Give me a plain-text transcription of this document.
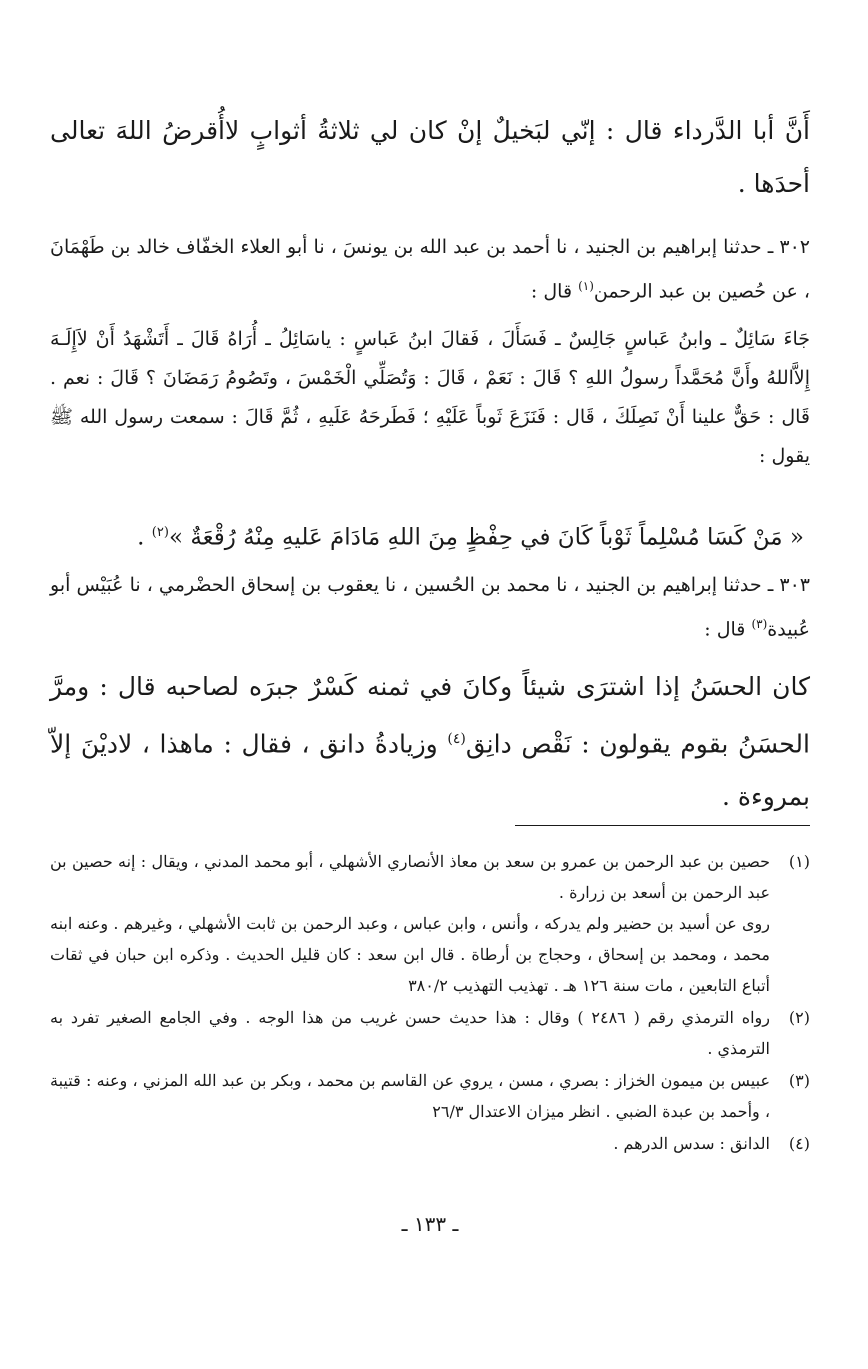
أَنَّ أبا الدَّرداء قال : إنّي لبَخيلٌ إنْ كان لي ثلاثةُ أثوابٍ لاأُقرضُ اللهَ تعالى أحدَها .

٣٠٢ ـ حدثنا إبراهيم بن الجنيد ، نا أحمد بن عبد الله بن يونسَ ، نا أبو العلاء الخفّاف خالد بن طَهْمَانَ ، عن حُصين بن عبد الرحمن$^{(١)}$ قال :

جَاءَ سَائِلٌ ـ وابنُ عَباسٍ جَالِسٌ ـ فَسَأَلَ ، فَقالَ ابنُ عَباسٍ : ياسَائِلُ ـ أُرَاهُ قَالَ ـ أَتَشْهَدُ أَنْ لاَإِلَـهَ إِلاَّاللهُ وأَنَّ مُحَمَّداً رسولُ اللهِ ؟ قَالَ : نَعَمْ ، قَالَ : وَتُصَلِّي الْخَمْسَ ، وتَصُومُ رَمَضَانَ ؟ قَالَ : نعم . قَال : حَقٌّ علينا أَنْ نَصِلَكَ ، قَال : فَنَزَعَ ثَوباً عَلَيْهِ ؛ فَطَرحَهُ عَلَيهِ ، ثُمَّ قَالَ : سمعت رسول الله ﷺ يقول :

« مَنْ كَسَا مُسْلِماً ثَوْباً كَانَ في حِفْظٍ مِنَ اللهِ مَادَامَ عَليهِ مِنْهُ رُقْعَةٌ »$^{(٢)}$ .

٣٠٣ ـ حدثنا إبراهيم بن الجنيد ، نا محمد بن الحُسين ، نا يعقوب بن إسحاق الحضْرمي ، نا عُبَيْس أبو عُبيدة$^{(٣)}$ قال :

كان الحسَنُ إذا اشترَى شيئاً وكانَ في ثمنه كَسْرٌ جبرَه لصاحبه قال : ومرَّ الحسَنُ بقوم يقولون : نَقْص دانِق$^{(٤)}$ وزيادةُ دانق ، فقال : ماهذا ، لاديْنَ إلاّ بمروءة .

(١)

حصين بن عبد الرحمن بن عمرو بن سعد بن معاذ الأنصاري الأشهلي ، أبو محمد المدني ، ويقال : إنه حصين بن عبد الرحمن بن أسعد بن زرارة .

روى عن أسيد بن حضير ولم يدركه ، وأنس ، وابن عباس ، وعبد الرحمن بن ثابت الأشهلي ، وغيرهم . وعنه ابنه محمد ، ومحمد بن إسحاق ، وحجاج بن أرطاة . قال ابن سعد : كان قليل الحديث . وذكره ابن حبان في ثقات أتباع التابعين ، مات سنة ١٢٦ هـ . تهذيب التهذيب ٣٨٠/٢

(٢)

رواه الترمذي رقم ( ٢٤٨٦ ) وقال : هذا حديث حسن غريب من هذا الوجه . وفي الجامع الصغير تفرد به الترمذي .

(٣)

عبيس بن ميمون الخزاز : بصري ، مسن ، يروي عن القاسم بن محمد ، وبكر بن عبد الله المزني ، وعنه : قتيبة ، وأحمد بن عبدة الضبي . انظر ميزان الاعتدال ٢٦/٣

(٤)

الدانق : سدس الدرهم .

ـ ١٣٣ ـ
